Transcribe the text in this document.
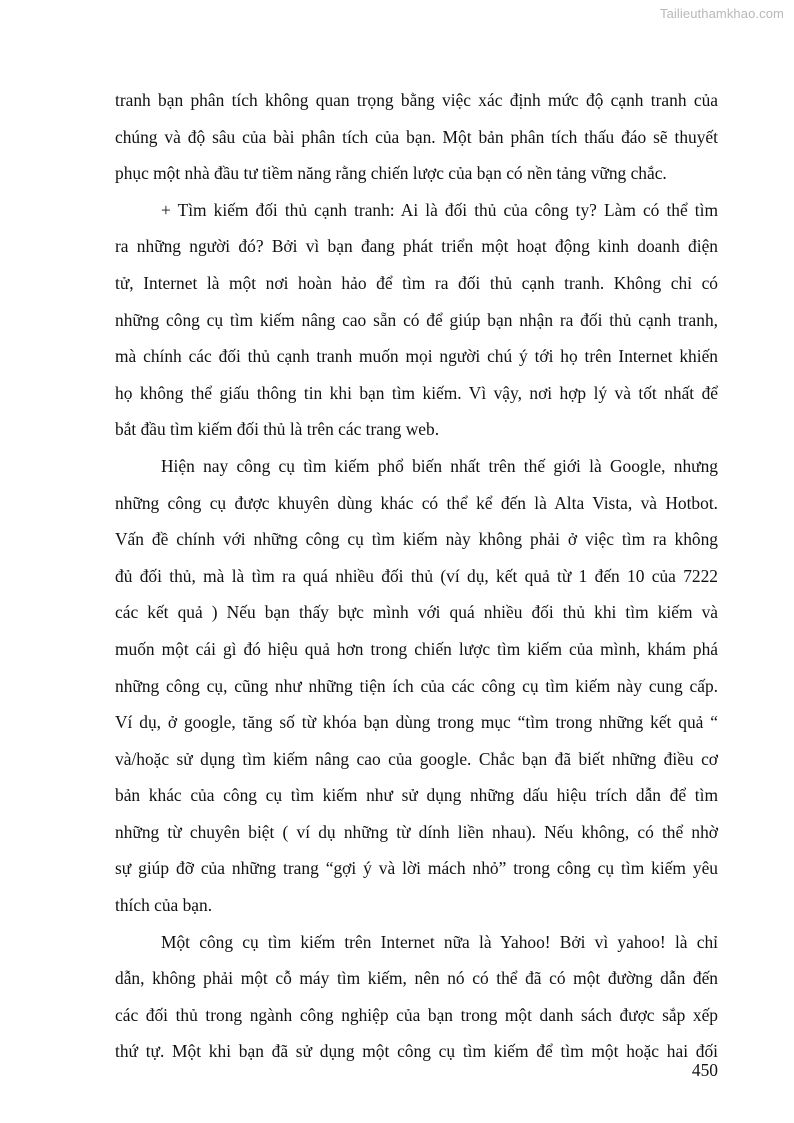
Tailieuthamkhao.com

tranh bạn phân tích không quan trọng bằng việc xác định mức độ cạnh tranh của
chúng và độ sâu của bài phân tích của bạn. Một bản phân tích thấu đáo sẽ thuyết
phục một nhà đầu tư tiềm năng rằng chiến lược của bạn có nền tảng vững chắc.

+ Tìm kiếm đối thủ cạnh tranh: Ai là đối thủ của công ty? Làm có thể tìm
ra những người đó? Bởi vì bạn đang phát triển một hoạt động kinh doanh điện
tử, Internet là một nơi hoàn hảo để tìm ra đối thủ cạnh tranh. Không chỉ có
những công cụ tìm kiếm nâng cao sẵn có để giúp bạn nhận ra đối thủ cạnh tranh,
mà chính các đối thủ cạnh tranh muốn mọi người chú ý tới họ trên Internet khiến
họ không thể giấu thông tin khi bạn tìm kiếm. Vì vậy, nơi hợp lý và tốt nhất để
bắt đầu tìm kiếm đối thủ là trên các trang web.

Hiện nay công cụ tìm kiếm phổ biến nhất trên thế giới là Google, nhưng
những công cụ được khuyên dùng khác có thể kể đến là Alta Vista, và Hotbot.
Vấn đề chính với những công cụ tìm kiếm này không phải ở việc tìm ra không
đủ đối thủ, mà là tìm ra quá nhiều đối thủ (ví dụ, kết quả từ 1 đến 10 của 7222
các kết quả ) Nếu bạn thấy bực mình với quá nhiều đối thủ khi tìm kiếm và
muốn một cái gì đó hiệu quả hơn trong chiến lược tìm kiếm của mình, khám phá
những công cụ, cũng như những tiện ích của các công cụ tìm kiếm này cung cấp.
Ví dụ, ở google, tăng số từ khóa bạn dùng trong mục “tìm trong những kết quả “
và/hoặc sử dụng tìm kiếm nâng cao của google. Chắc bạn đã biết những điều cơ
bản khác của công cụ tìm kiếm như sử dụng những dấu hiệu trích dẫn để tìm
những từ chuyên biệt ( ví dụ những từ dính liền nhau). Nếu không, có thể nhờ
sự giúp đỡ của những trang “gợi ý và lời mách nhỏ” trong công cụ tìm kiếm yêu
thích của bạn.

Một công cụ tìm kiếm trên Internet nữa là Yahoo! Bởi vì yahoo! là chỉ
dẫn, không phải một cỗ máy tìm kiếm, nên nó có thể đã có một đường dẫn đến
các đối thủ trong ngành công nghiệp của bạn trong một danh sách được sắp xếp
thứ tự. Một khi bạn đã sử dụng một công cụ tìm kiếm để tìm một hoặc hai đối

450
